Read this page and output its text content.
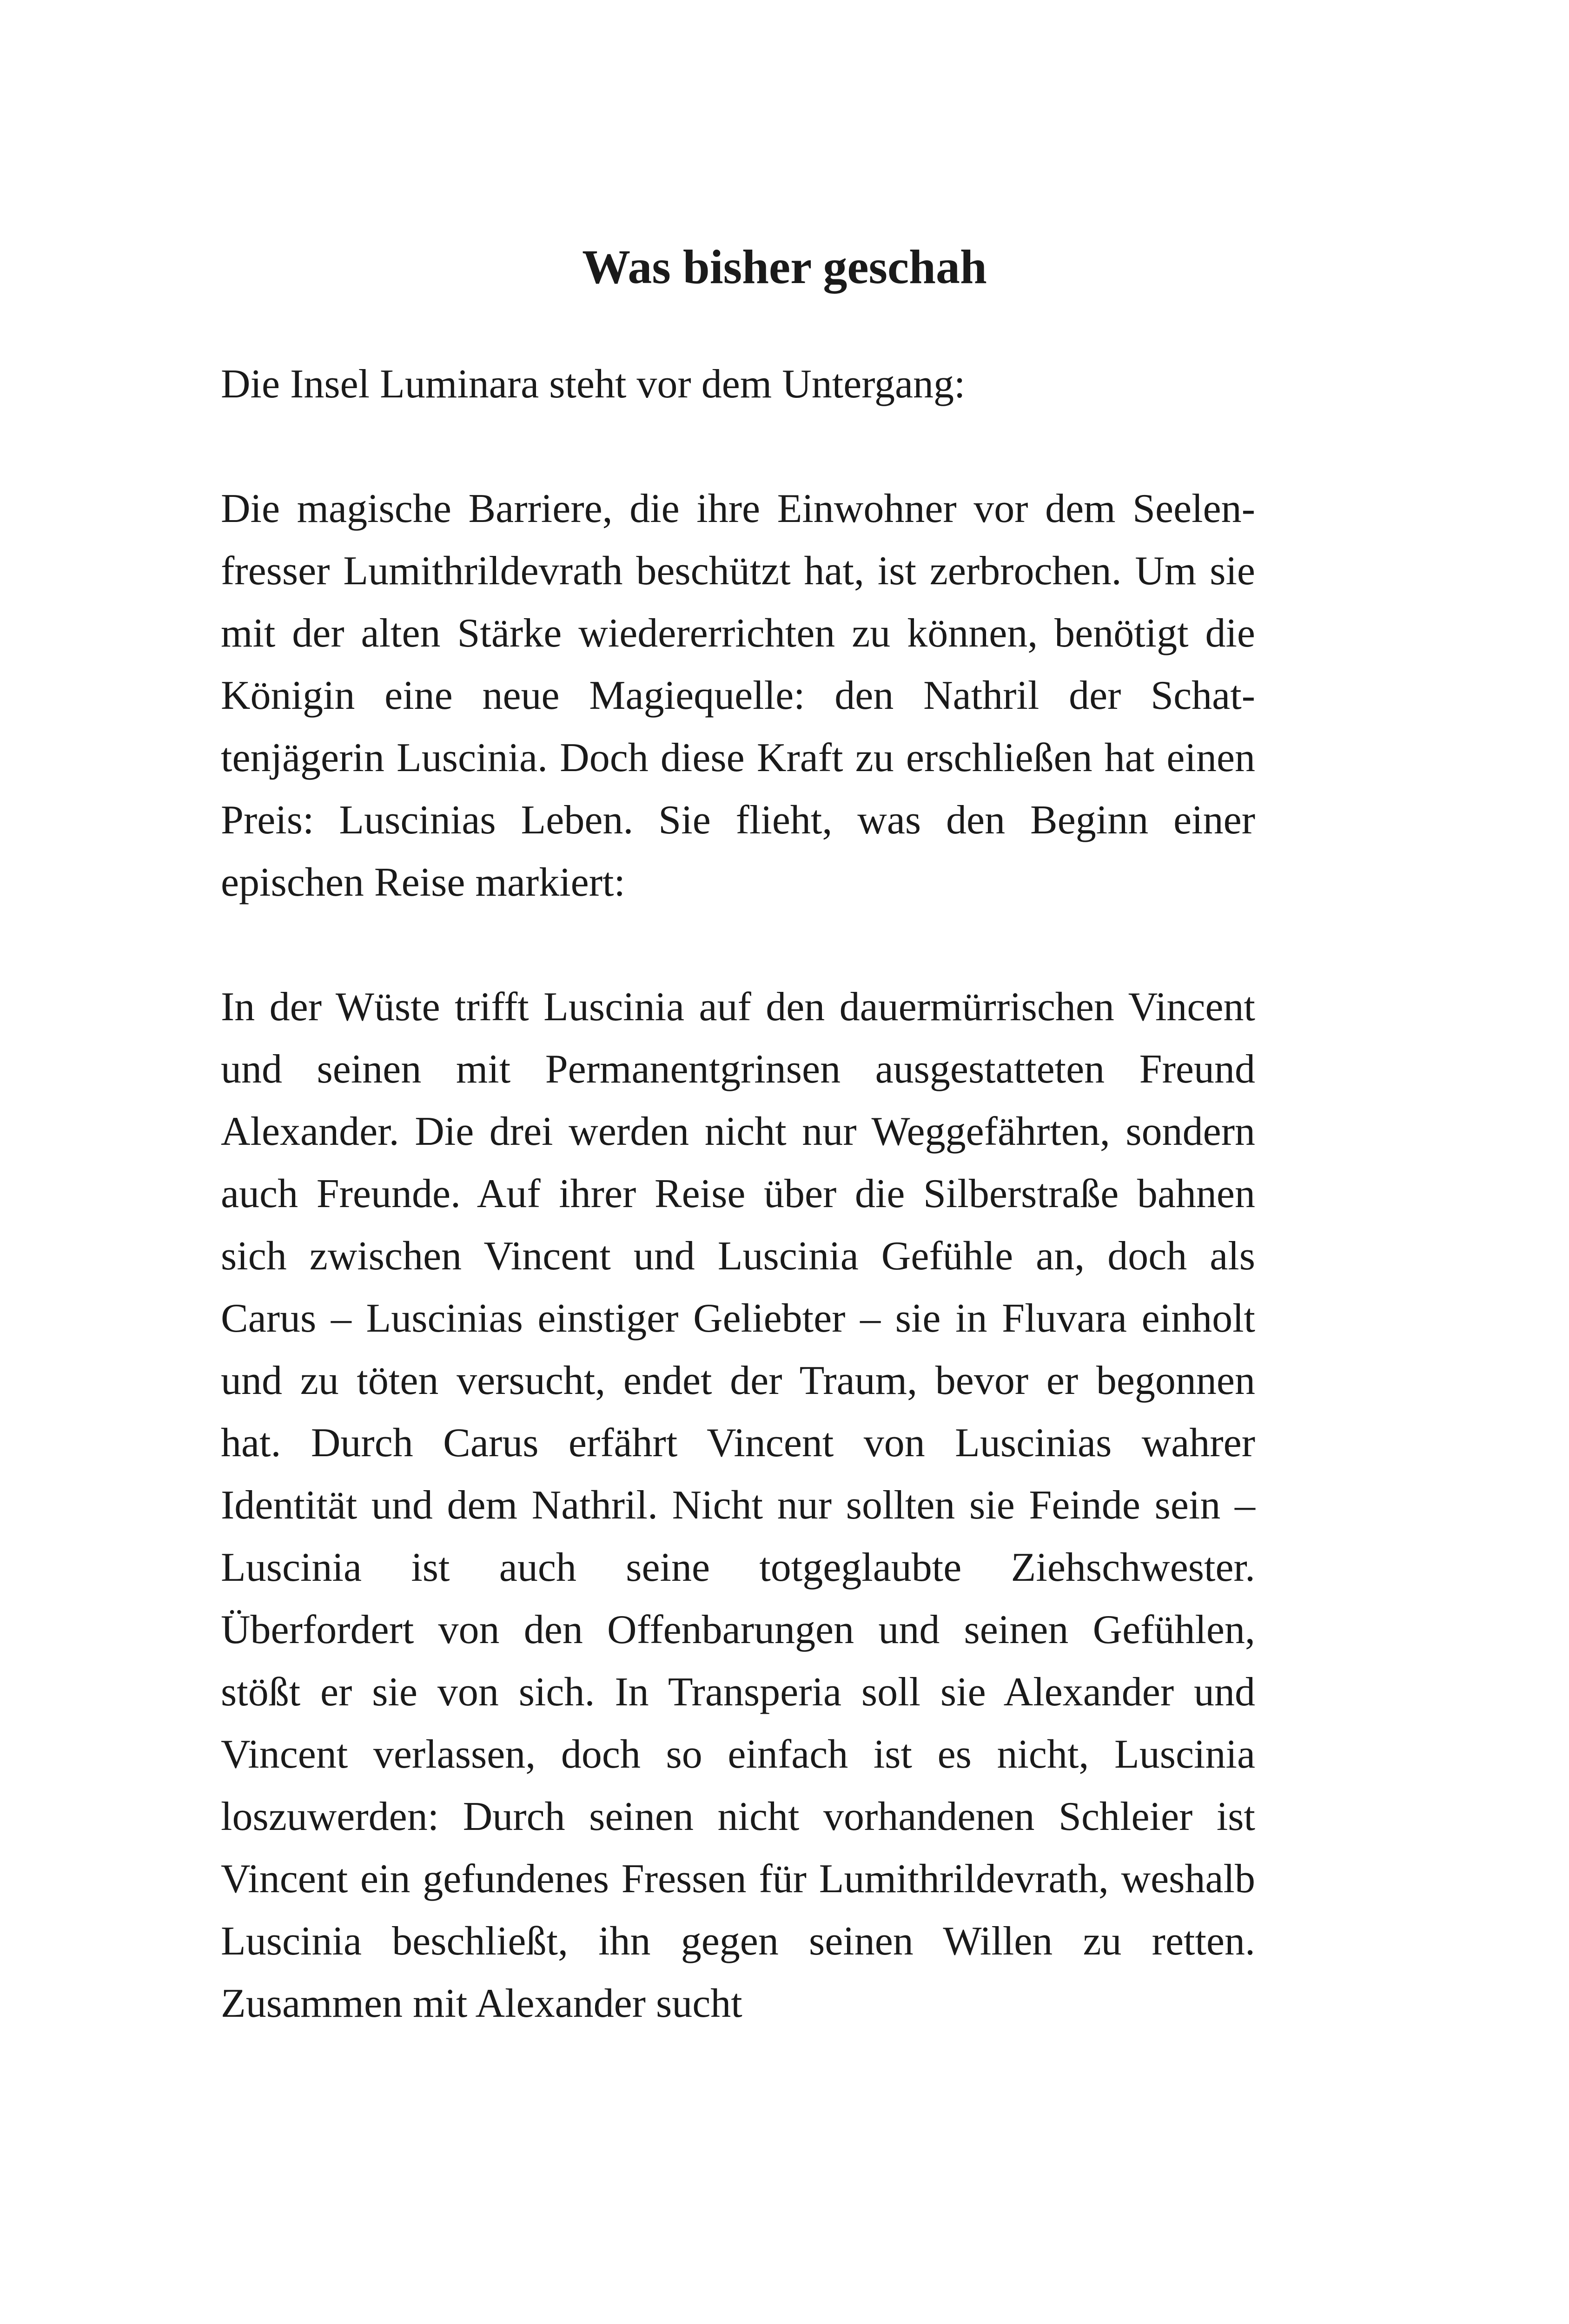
Was bisher geschah

Die Insel Luminara steht vor dem Untergang:

Die magische Barriere, die ihre Einwohner vor dem Seelenfresser Lumithrildevrath beschützt hat, ist zerbrochen. Um sie mit der alten Stärke wiedererrichten zu können, benötigt die Königin eine neue Magiequelle: den Nathril der Schattenjägerin Luscinia. Doch diese Kraft zu erschließen hat einen Preis: Luscinias Leben. Sie flieht, was den Beginn einer epischen Reise markiert:

In der Wüste trifft Luscinia auf den dauermürrischen Vincent und seinen mit Permanentgrinsen ausgestatteten Freund Alexander. Die drei werden nicht nur Weggefährten, sondern auch Freunde. Auf ihrer Reise über die Silberstraße bahnen sich zwischen Vincent und Luscinia Gefühle an, doch als Carus – Luscinias einstiger Geliebter – sie in Fluvara einholt und zu töten versucht, endet der Traum, bevor er begonnen hat. Durch Carus erfährt Vincent von Luscinias wahrer Identität und dem Nathril. Nicht nur sollten sie Feinde sein – Luscinia ist auch seine totgeglaubte Ziehschwester. Überfordert von den Offenbarungen und seinen Gefühlen, stößt er sie von sich. In Transperia soll sie Alexander und Vincent verlassen, doch so einfach ist es nicht, Luscinia loszuwerden: Durch seinen nicht vorhandenen Schleier ist Vincent ein gefundenes Fressen für Lumithrildevrath, weshalb Luscinia beschließt, ihn gegen seinen Willen zu retten. Zusammen mit Alexander sucht
